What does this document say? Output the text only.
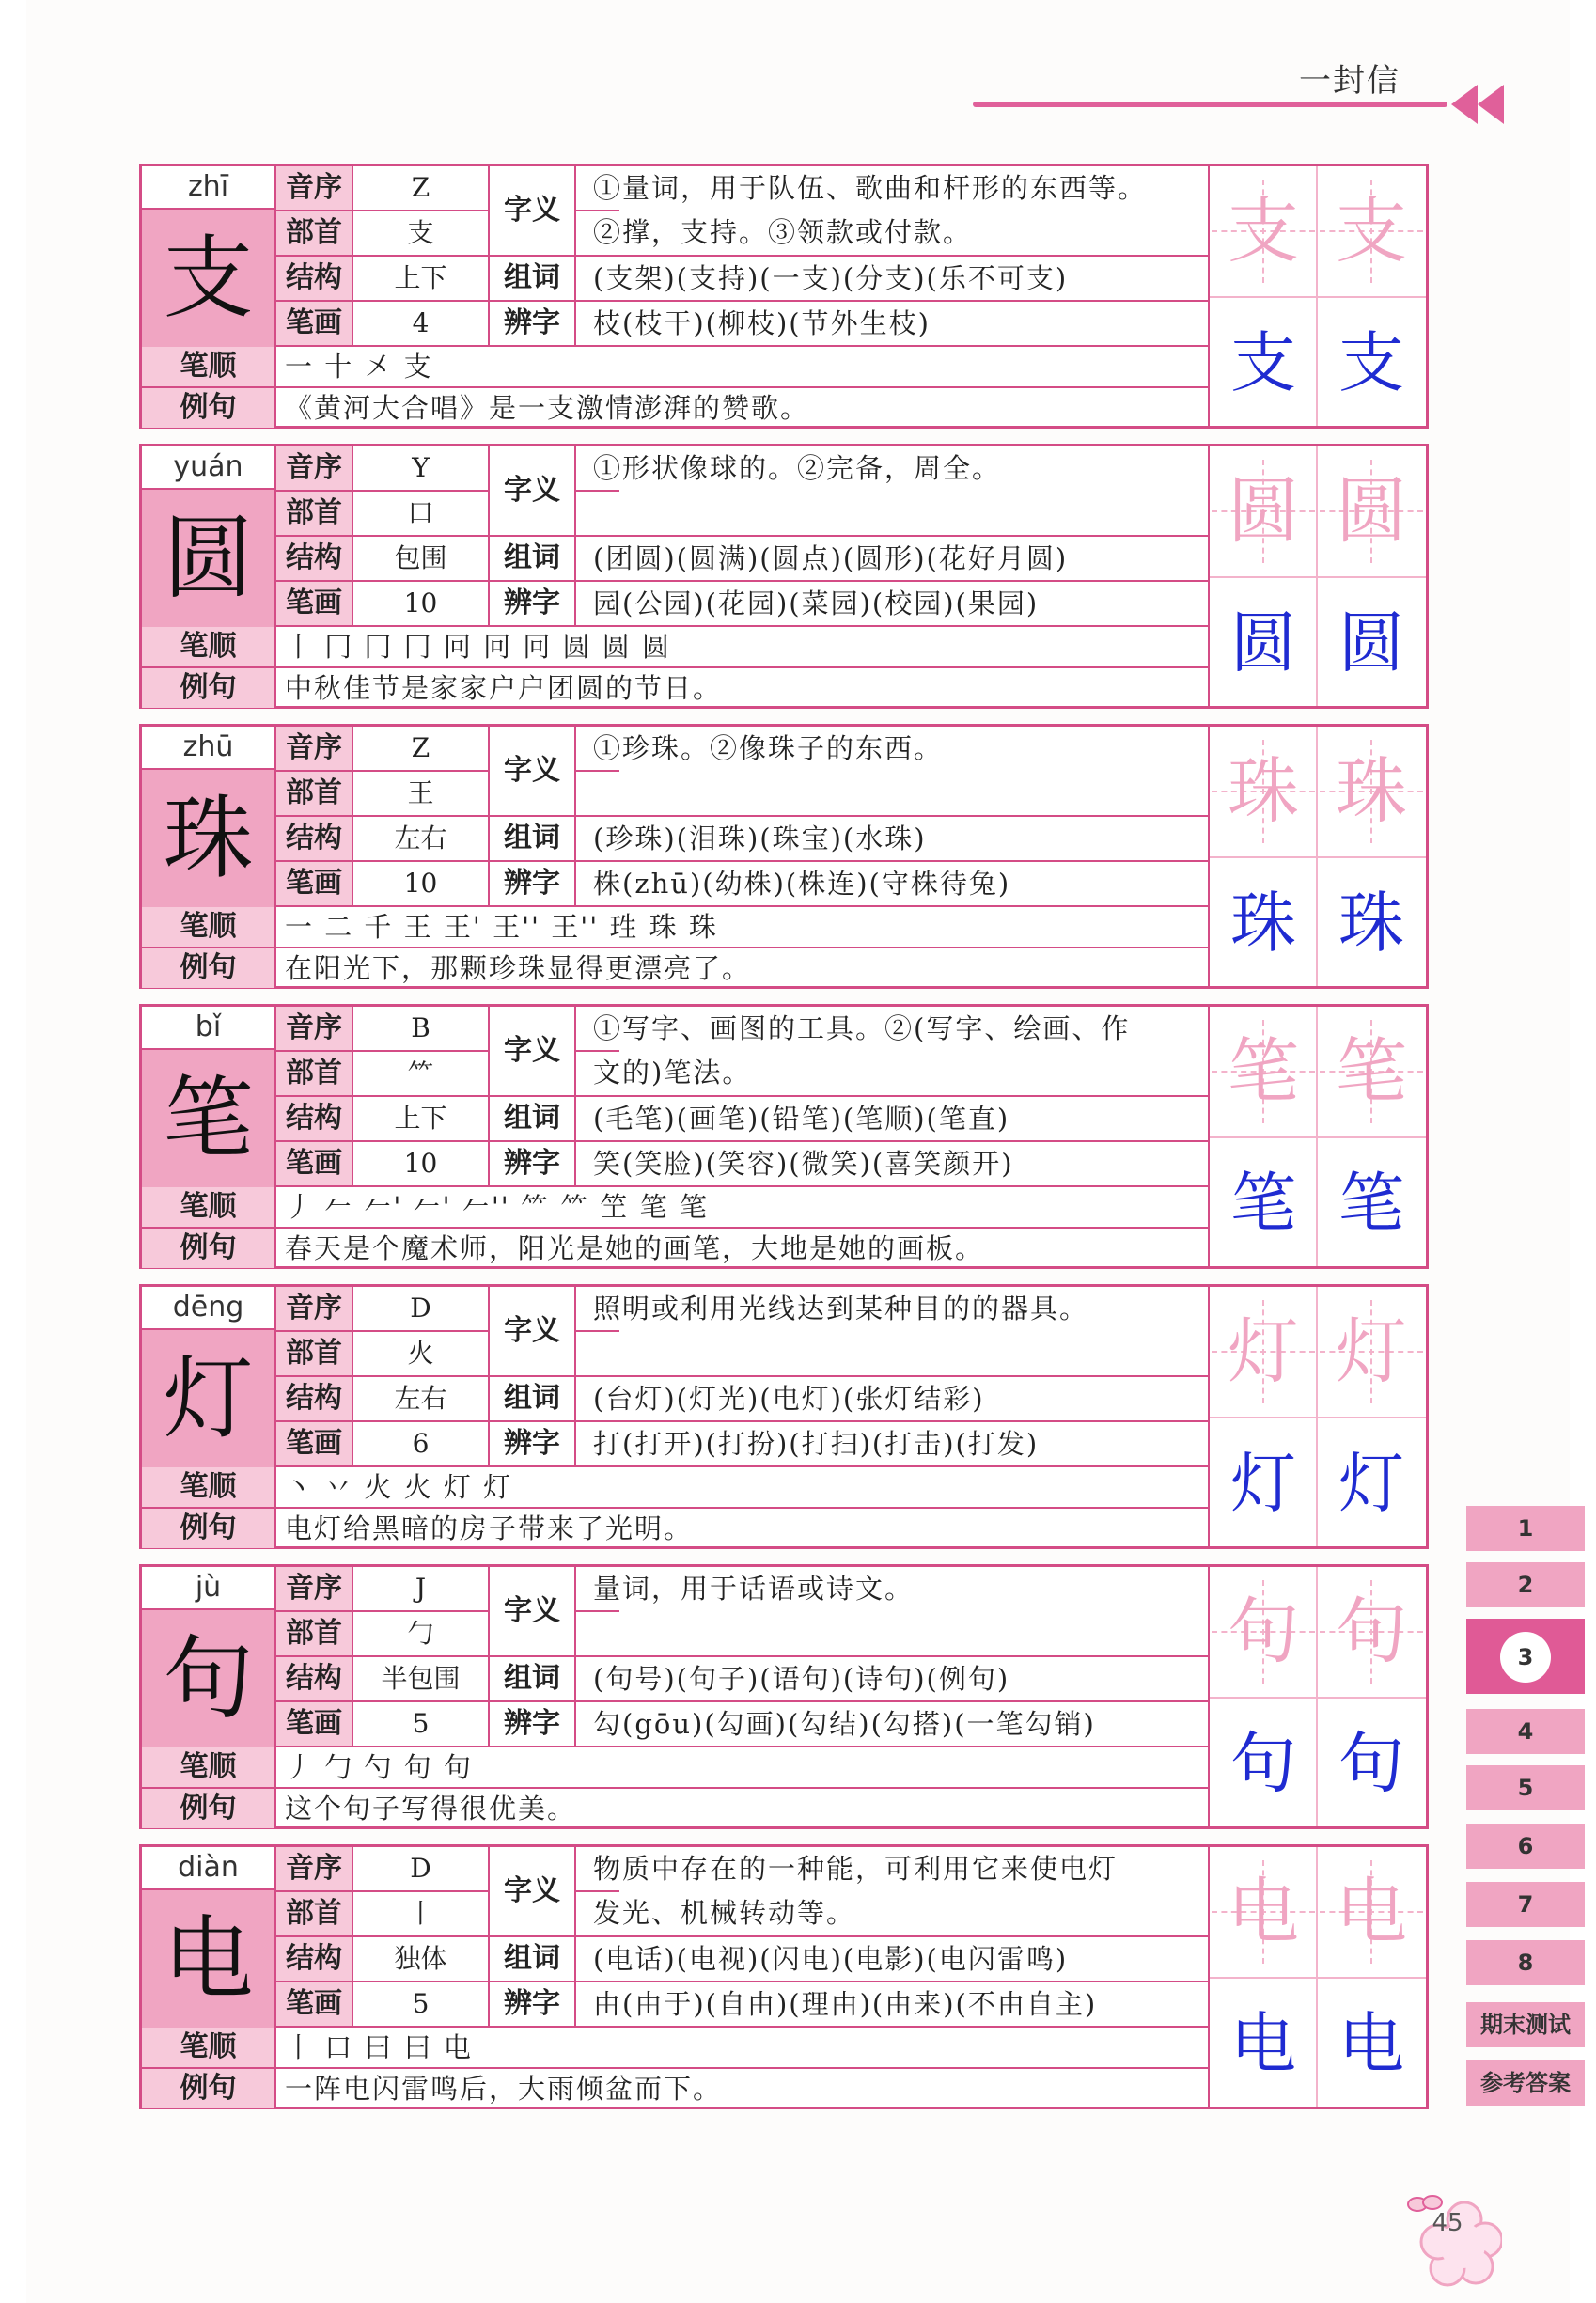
一封信
zhī
支
音序	Z
部首	支
结构	上下	组词	(支架)(支持)(一支)(分支)(乐不可支)
笔画	4	辨字	枝(枝干)(柳枝)(节外生枝)
字义
①量词，用于队伍、歌曲和杆形的东西等。
②撑，支持。③领款或付款。
笔顺	一 十 㐅 支
例句	《黄河大合唱》是一支激情澎湃的赞歌。
支 支
支 支
yuán
圆
音序	Y
部首	口
结构	包围	组词	(团圆)(圆满)(圆点)(圆形)(花好月圆)
笔画	10	辨字	园(公园)(花园)(菜园)(校园)(果园)
字义
①形状像球的。②完备，周全。
笔顺	丨 冂 冂 冂 冋 冋 冋 圆 圆 圆
例句	中秋佳节是家家户户团圆的节日。
圆 圆
圆 圆
zhū
珠
音序	Z
部首	王
结构	左右	组词	(珍珠)(泪珠)(珠宝)(水珠)
笔画	10	辨字	株(zhū)(幼株)(株连)(守株待兔)
字义
①珍珠。②像珠子的东西。
笔顺	一 二 千 王 王' 王'' 王'' 珄 珠 珠
例句	在阳光下，那颗珍珠显得更漂亮了。
珠 珠
珠 珠
bǐ
笔
音序	B
部首	⺮
结构	上下	组词	(毛笔)(画笔)(铅笔)(笔顺)(笔直)
笔画	10	辨字	笑(笑脸)(笑容)(微笑)(喜笑颜开)
字义
①写字、画图的工具。②(写字、绘画、作
文的)笔法。
笔顺	丿 𠂉 𠂉' 𠂉' 𠂉'' ⺮ ⺮ 笁 笔 笔
例句	春天是个魔术师，阳光是她的画笔，大地是她的画板。
笔 笔
笔 笔
dēng
灯
音序	D
部首	火
结构	左右	组词	(台灯)(灯光)(电灯)(张灯结彩)
笔画	6	辨字	打(打开)(打扮)(打扫)(打击)(打发)
字义
照明或利用光线达到某种目的的器具。
笔顺	丶 丷 火 火 灯 灯
例句	电灯给黑暗的房子带来了光明。
灯 灯
灯 灯
jù
句
音序	J
部首	勹
结构	半包围	组词	(句号)(句子)(语句)(诗句)(例句)
笔画	5	辨字	勾(gōu)(勾画)(勾结)(勾搭)(一笔勾销)
字义
量词，用于话语或诗文。
笔顺	丿 勹 勺 句 句
例句	这个句子写得很优美。
句 句
句 句
diàn
电
音序	D
部首	丨
结构	独体	组词	(电话)(电视)(闪电)(电影)(电闪雷鸣)
笔画	5	辨字	由(由于)(自由)(理由)(由来)(不由自主)
字义
物质中存在的一种能，可利用它来使电灯
发光、机械转动等。
笔顺	丨 口 曰 曰 电
例句	一阵电闪雷鸣后，大雨倾盆而下。
电 电
电 电
1
2
3
4
5
6
7
8
期末测试
参考答案
45
